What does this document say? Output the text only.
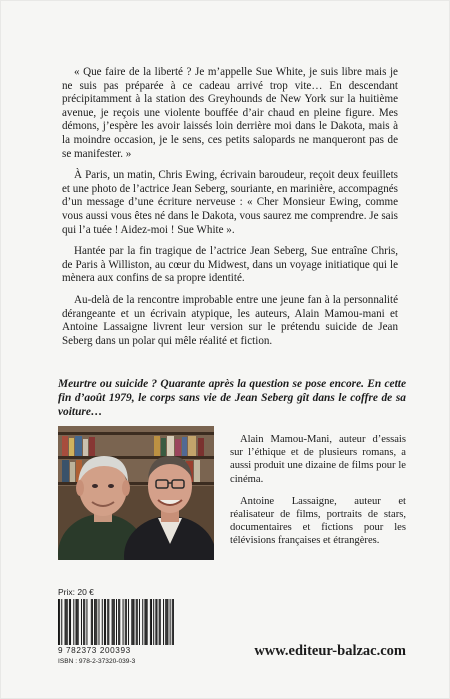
« Que faire de la liberté ? Je m’appelle Sue White, je suis libre mais je ne suis pas préparée à ce cadeau arrivé trop vite… En descendant précipitamment à la station des Greyhounds de New York sur la huitième avenue, je reçois une violente bouffée d’air chaud en pleine figure. Mes démons, j’espère les avoir laissés loin derrière moi dans le Dakota, mais à la moindre occasion, je le sens, ces petits salopards ne manqueront pas de se manifester. »

À Paris, un matin, Chris Ewing, écrivain baroudeur, reçoit deux feuillets et une photo de l’actrice Jean Seberg, souriante, en marinière, accompagnés d’un message d’une écriture nerveuse : « Cher Monsieur Ewing, comme vous aussi vous êtes né dans le Dakota, vous saurez me comprendre. Je sais qui l’a tuée ! Aidez-moi ! Sue White ».

Hantée par la fin tragique de l’actrice Jean Seberg, Sue entraîne Chris, de Paris à Williston, au cœur du Midwest, dans un voyage initiatique qui le mènera aux confins de sa propre identité.

Au-delà de la rencontre improbable entre une jeune fan à la personnalité dérangeante et un écrivain atypique, les auteurs, Alain Mamou-mani et Antoine Lassaigne livrent leur version sur le prétendu suicide de Jean Seberg dans un polar qui mêle réalité et fiction.

Meurtre ou suicide ? Quarante après la question se pose encore. En cette fin d’août 1979, le corps sans vie de Jean Seberg gît dans le coffre de sa voiture…

Alain Mamou-Mani, auteur d’essais sur l’éthique et de plusieurs romans, a aussi produit une dizaine de films pour le cinéma.

Antoine Lassaigne, auteur et réalisateur de films, portraits de stars, documentaires et fictions pour les télévisions françaises et étrangères.

Prix: 20 €
9 782373 200393
ISBN : 978-2-37320-039-3
www.editeur-balzac.com
